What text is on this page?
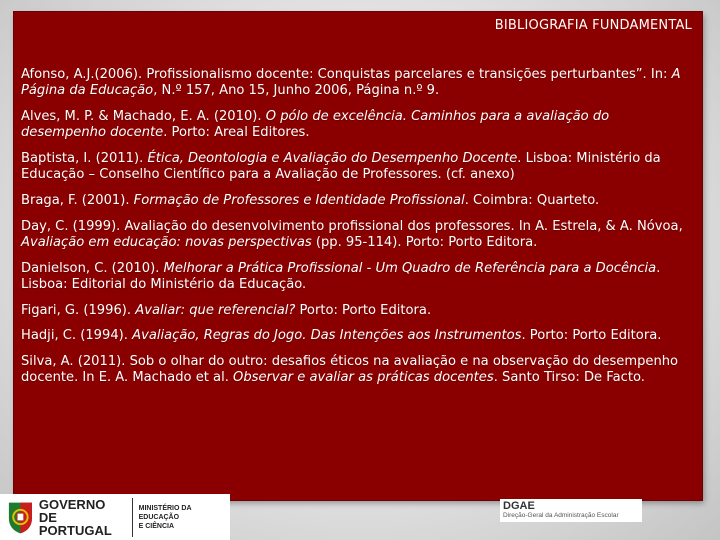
BIBLIOGRAFIA FUNDAMENTAL

Afonso, A.J.(2006). Profissionalismo docente: Conquistas parcelares e transições perturbantes”. In: A Página da Educação, N.º 157, Ano 15, Junho 2006, Página n.º 9.

Alves, M. P. & Machado, E. A. (2010). O pólo de excelência. Caminhos para a avaliação do desempenho docente. Porto: Areal Editores.

Baptista, I. (2011). Ética, Deontologia e Avaliação do Desempenho Docente. Lisboa: Ministério da Educação – Conselho Científico para a Avaliação de Professores. (cf. anexo)

Braga, F. (2001). Formação de Professores e Identidade Profissional. Coimbra: Quarteto.

Day, C. (1999). Avaliação do desenvolvimento profissional dos professores. In A. Estrela, & A. Nóvoa, Avaliação em educação: novas perspectivas (pp. 95-114). Porto: Porto Editora.

Danielson, C. (2010). Melhorar a Prática Profissional - Um Quadro de Referência para a Docência. Lisboa: Editorial do Ministério da Educação.

Figari, G. (1996). Avaliar: que referencial? Porto: Porto Editora.

Hadji, C. (1994). Avaliação, Regras do Jogo. Das Intenções aos Instrumentos. Porto: Porto Editora.

Silva, A. (2011). Sob o olhar do outro: desafios éticos na avaliação e na observação do desempenho docente. In E. A. Machado et al. Observar e avaliar as práticas docentes. Santo Tirso: De Facto.

GOVERNO DE
PORTUGAL
MINISTÉRIO DA EDUCAÇÃO
E CIÊNCIA
DGAE
Direção-Geral da Administração Escolar
